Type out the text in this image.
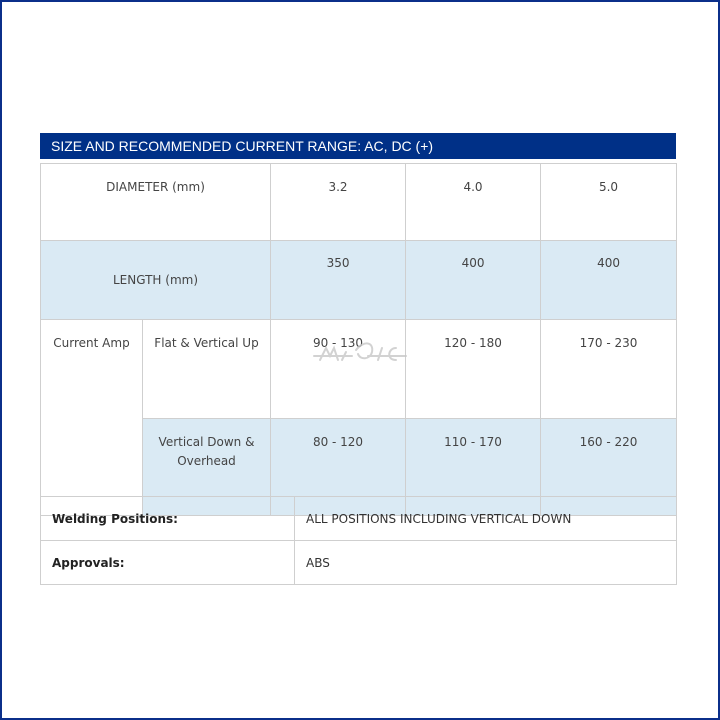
SIZE AND RECOMMENDED CURRENT RANGE: AC, DC (+)
DIAMETER (mm)		3.2	4.0	5.0
LENGTH (mm)		350	400	400
Current Amp	Flat & Vertical Up	90 - 130	120 - 180	170 - 230
	Vertical Down & Overhead	80 - 120	110 - 170	160 - 220
Welding Positions:	ALL POSITIONS INCLUDING VERTICAL DOWN
Approvals:	ABS
